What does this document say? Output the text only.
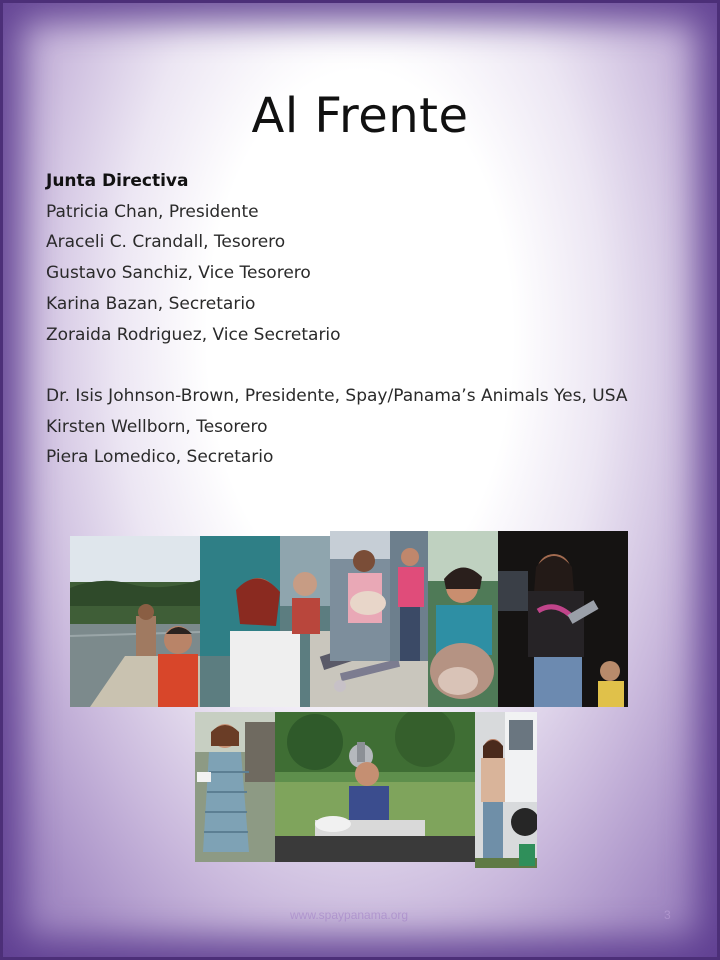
Al Frente
Junta Directiva
Patricia Chan, Presidente
Araceli C. Crandall, Tesorero
Gustavo Sanchiz, Vice Tesorero
Karina Bazan, Secretario
Zoraida Rodriguez, Vice Secretario
Dr. Isis Johnson-Brown, Presidente, Spay/Panama’s Animals Yes, USA
Kirsten Wellborn, Tesorero
Piera Lomedico, Secretario
www.spaypanama.org	3
